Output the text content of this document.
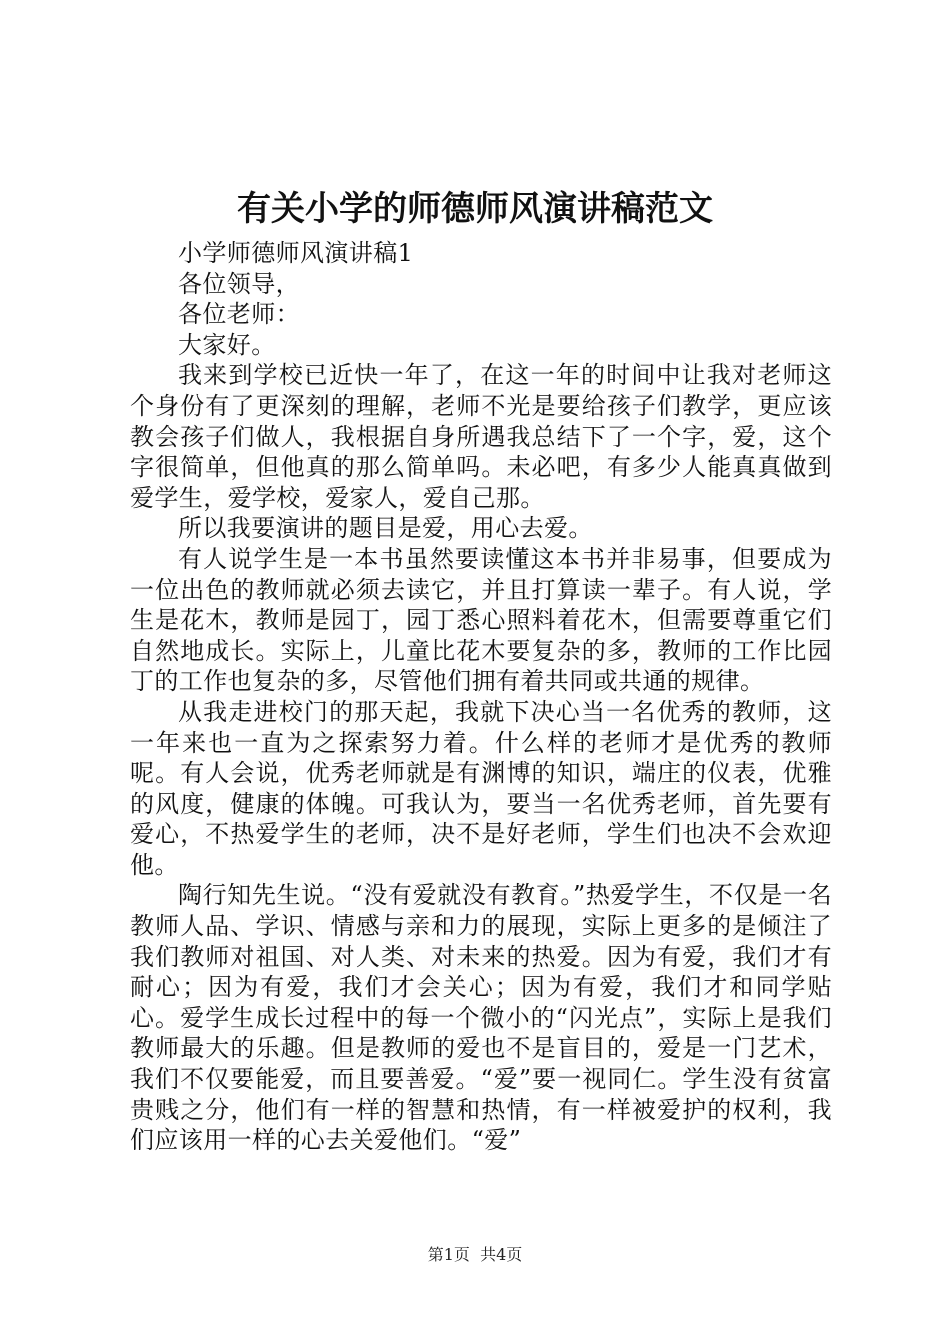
有关小学的师德师风演讲稿范文

小学师德师风演讲稿1

各位领导，

各位老师：

大家好。

我来到学校已近快一年了，在这一年的时间中让我对老师这个身份有了更深刻的理解，老师不光是要给孩子们教学，更应该教会孩子们做人，我根据自身所遇我总结下了一个字，爱，这个字很简单，但他真的那么简单吗。未必吧，有多少人能真真做到爱学生，爱学校，爱家人，爱自己那。

所以我要演讲的题目是爱，用心去爱。

有人说学生是一本书虽然要读懂这本书并非易事，但要成为一位出色的教师就必须去读它，并且打算读一辈子。有人说，学生是花木，教师是园丁，园丁悉心照料着花木，但需要尊重它们自然地成长。实际上，儿童比花木要复杂的多，教师的工作比园丁的工作也复杂的多，尽管他们拥有着共同或共通的规律。

从我走进校门的那天起，我就下决心当一名优秀的教师，这一年来也一直为之探索努力着。什么样的老师才是优秀的教师呢。有人会说，优秀老师就是有渊博的知识，端庄的仪表，优雅的风度，健康的体魄。可我认为，要当一名优秀老师，首先要有爱心，不热爱学生的老师，决不是好老师，学生们也决不会欢迎他。

陶行知先生说。“没有爱就没有教育。”热爱学生，不仅是一名教师人品、学识、情感与亲和力的展现，实际上更多的是倾注了我们教师对祖国、对人类、对未来的热爱。因为有爱，我们才有耐心；因为有爱，我们才会关心；因为有爱，我们才和同学贴心。爱学生成长过程中的每一个微小的“闪光点”，实际上是我们教师最大的乐趣。但是教师的爱也不是盲目的，爱是一门艺术，我们不仅要能爱，而且要善爱。“爱”要一视同仁。学生没有贫富贵贱之分，他们有一样的智慧和热情，有一样被爱护的权利，我们应该用一样的心去关爱他们。“爱”

第1页 共4页
